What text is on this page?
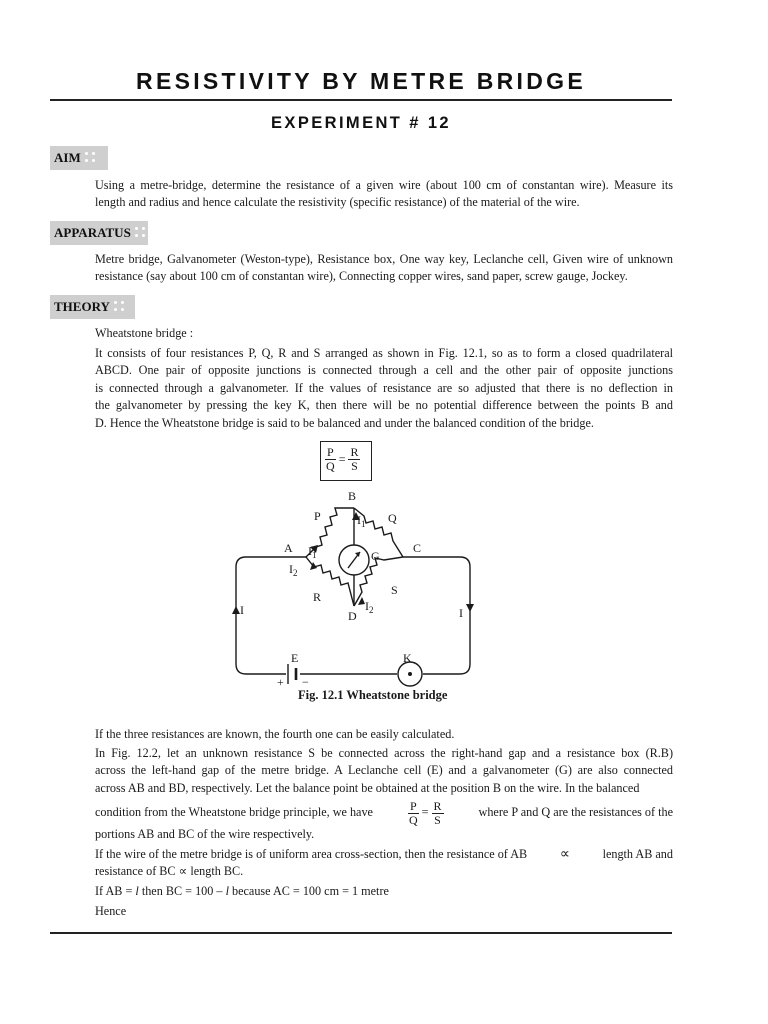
RESISTIVITY BY METRE BRIDGE
EXPERIMENT # 12
AIM
Using a metre-bridge, determine the resistance of a given wire (about 100 cm of constantan wire). Measure its
length and radius and hence calculate the resistivity (specific resistance) of the material of the wire.
APPARATUS
Metre bridge, Galvanometer (Weston-type), Resistance box, One way key, Leclanche cell, Given wire of unknown
resistance (say about 100 cm of constantan wire), Connecting copper wires, sand paper, screw gauge, Jockey.
THEORY
Wheatstone bridge :
It consists of four resistances P, Q, R and S arranged as shown in Fig. 12.1, so as to form a closed quadrilateral
ABCD. One pair of opposite junctions is connected through a cell and the other pair of opposite junctions
is connected through a galvanometer. If the values of resistance are so adjusted that there is no deflection in
the galvanometer by pressing the key K, then there will be no potential difference between the points B and
D. Hence the Wheatstone bridge is said to be balanced and under the balanced condition of the bridge.
$\frac{P}{Q} = \frac{R}{S}$
A
B
C
D
P	Q
R	S
G
E	K
+ −
I	I
$I_1$
$I_2$
$I_1$
$I_2$
Fig. 12.1 Wheatstone bridge
If the three resistances are known, the fourth one can be easily calculated.
In Fig. 12.2, let an unknown resistance S be connected across the right-hand gap and a resistance box (R.B)
across the left-hand gap of the metre bridge. A Leclanche cell (E) and a galvanometer (G) are also connected
across AB and BD, respectively. Let the balance point be obtained at the position B on the wire. In the balanced
condition from the Wheatstone bridge principle, we have	$\frac{P}{Q} = \frac{R}{S}$	where P and Q are the resistances of the
portions AB and BC of the wire respectively.
If the wire of the metre bridge is of uniform area cross-section, then the resistance of AB ∝	length AB and
resistance of BC ∝ length BC.
If AB = l then BC = 100 – l because AC = 100 cm = 1 metre
Hence
